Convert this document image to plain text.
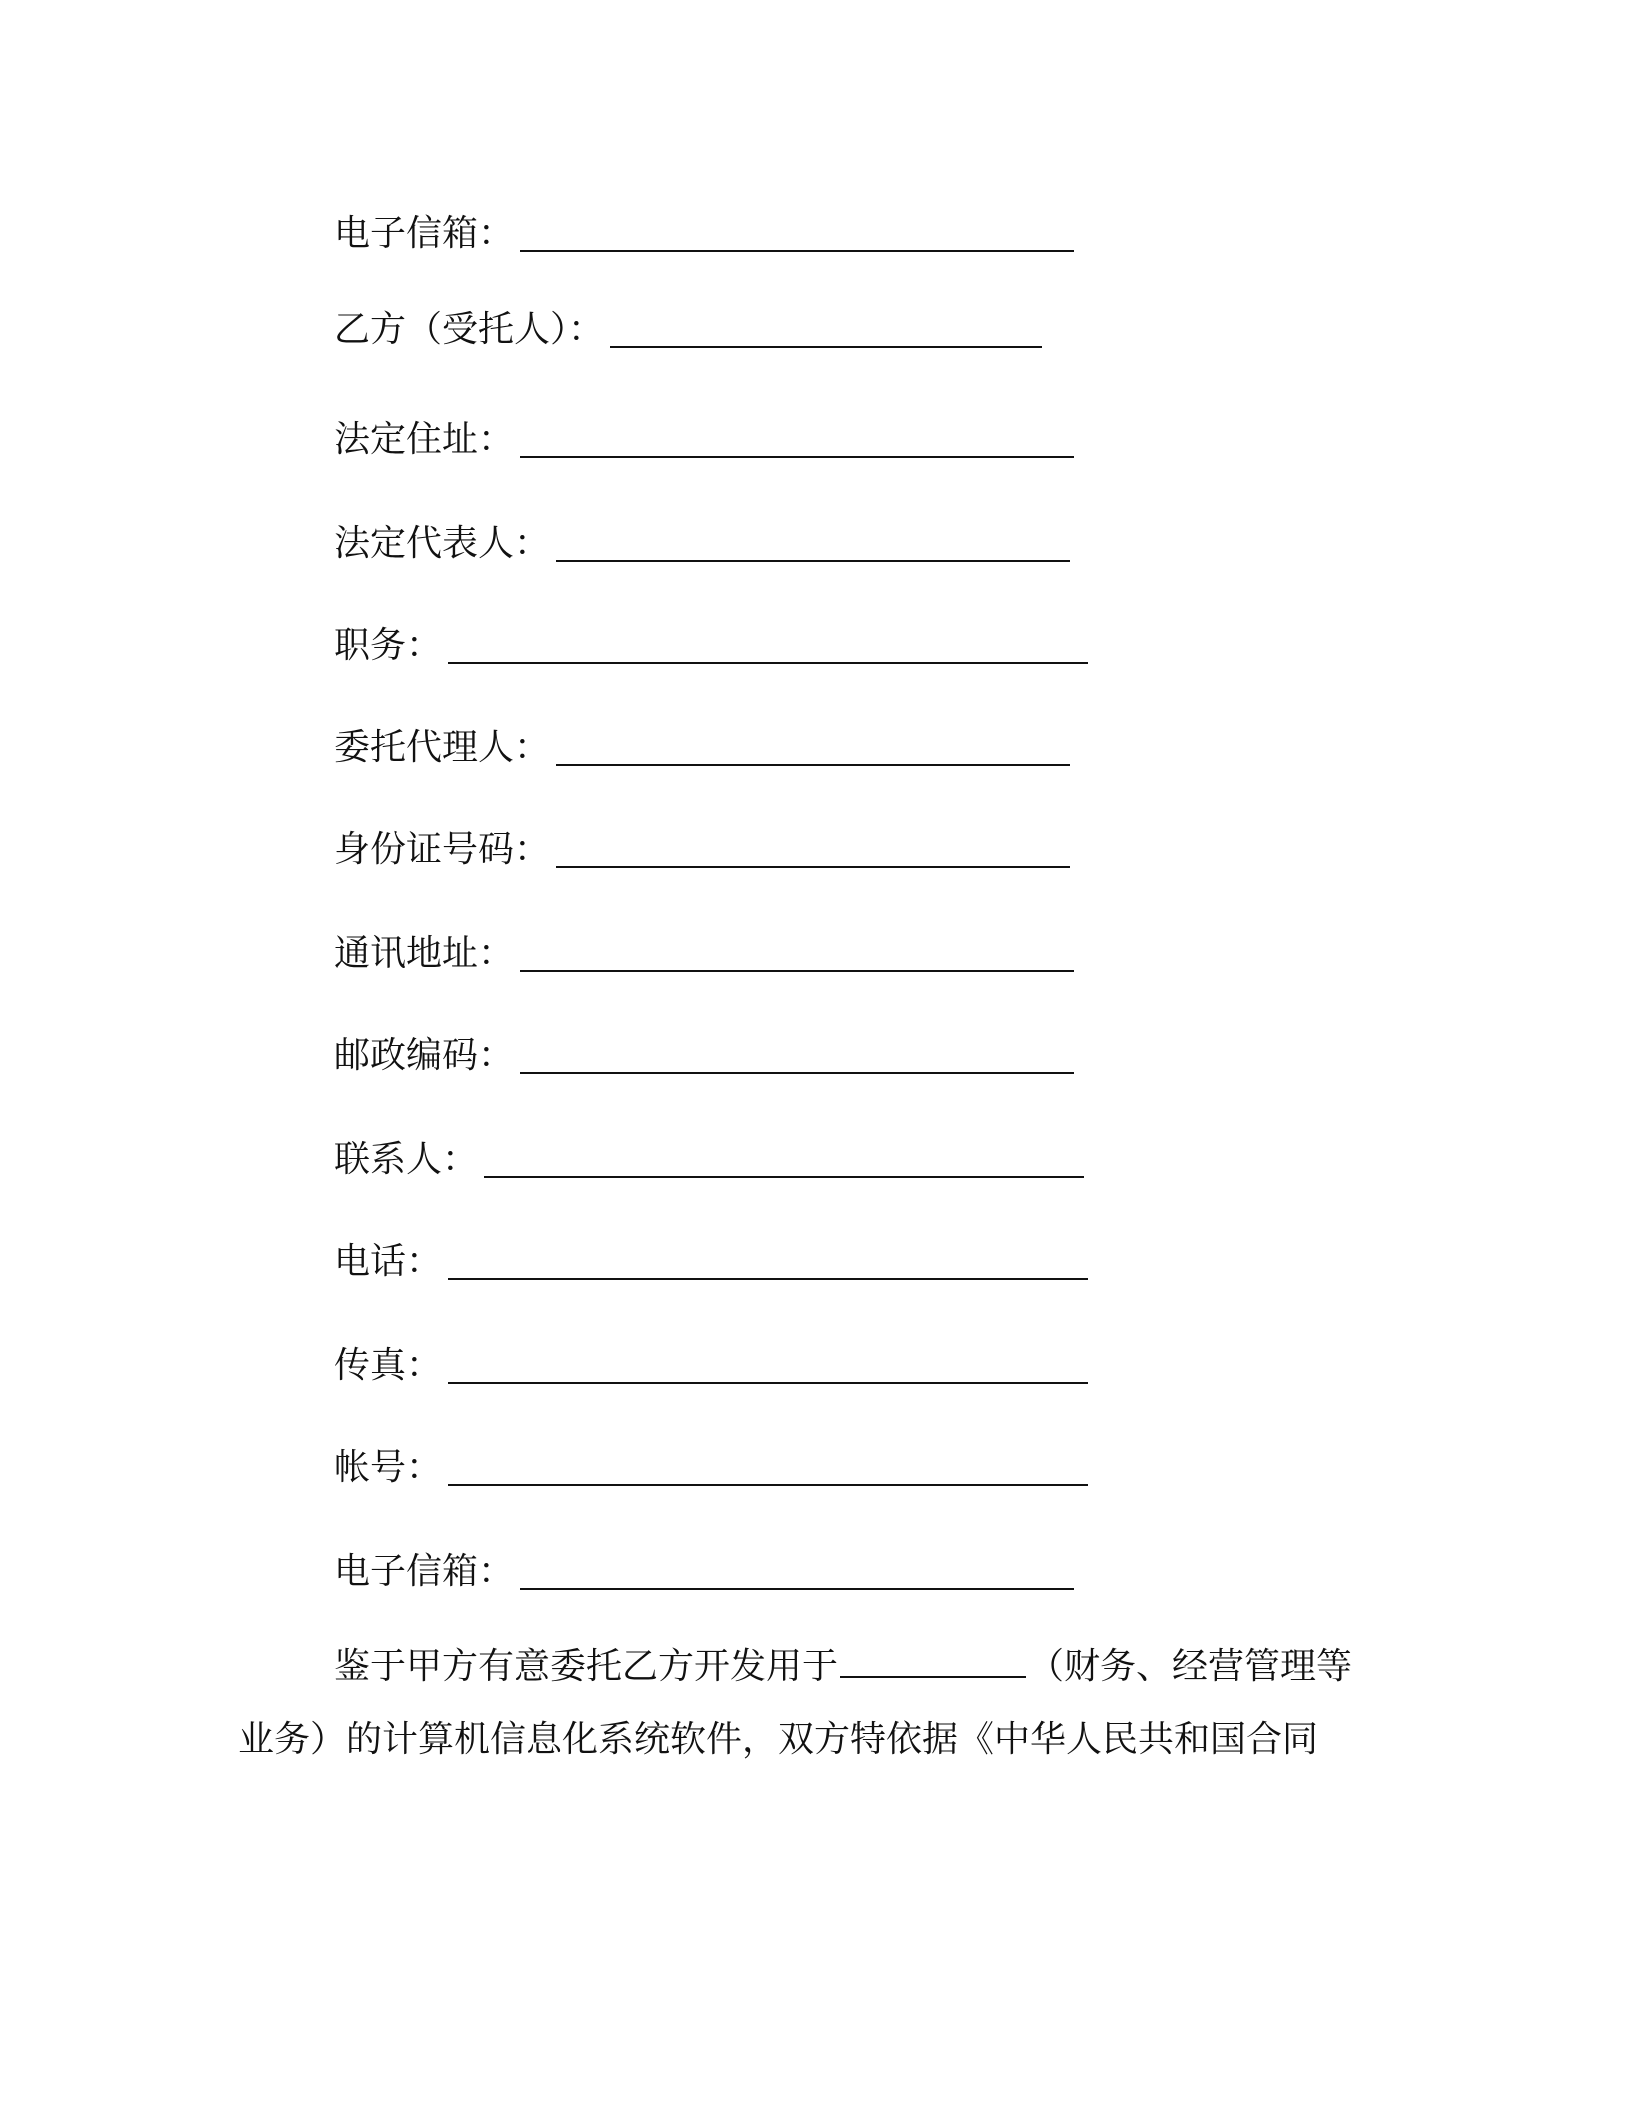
电子信箱：
乙方（受托人）：
法定住址：
法定代表人：
职务：
委托代理人：
身份证号码：
通讯地址：
邮政编码：
联系人：
电话：
传真：
帐号：
电子信箱：
鉴于甲方有意委托乙方开发用于	（财务、经营管理等
业务）的计算机信息化系统软件，双方特依据《中华人民共和国合同
